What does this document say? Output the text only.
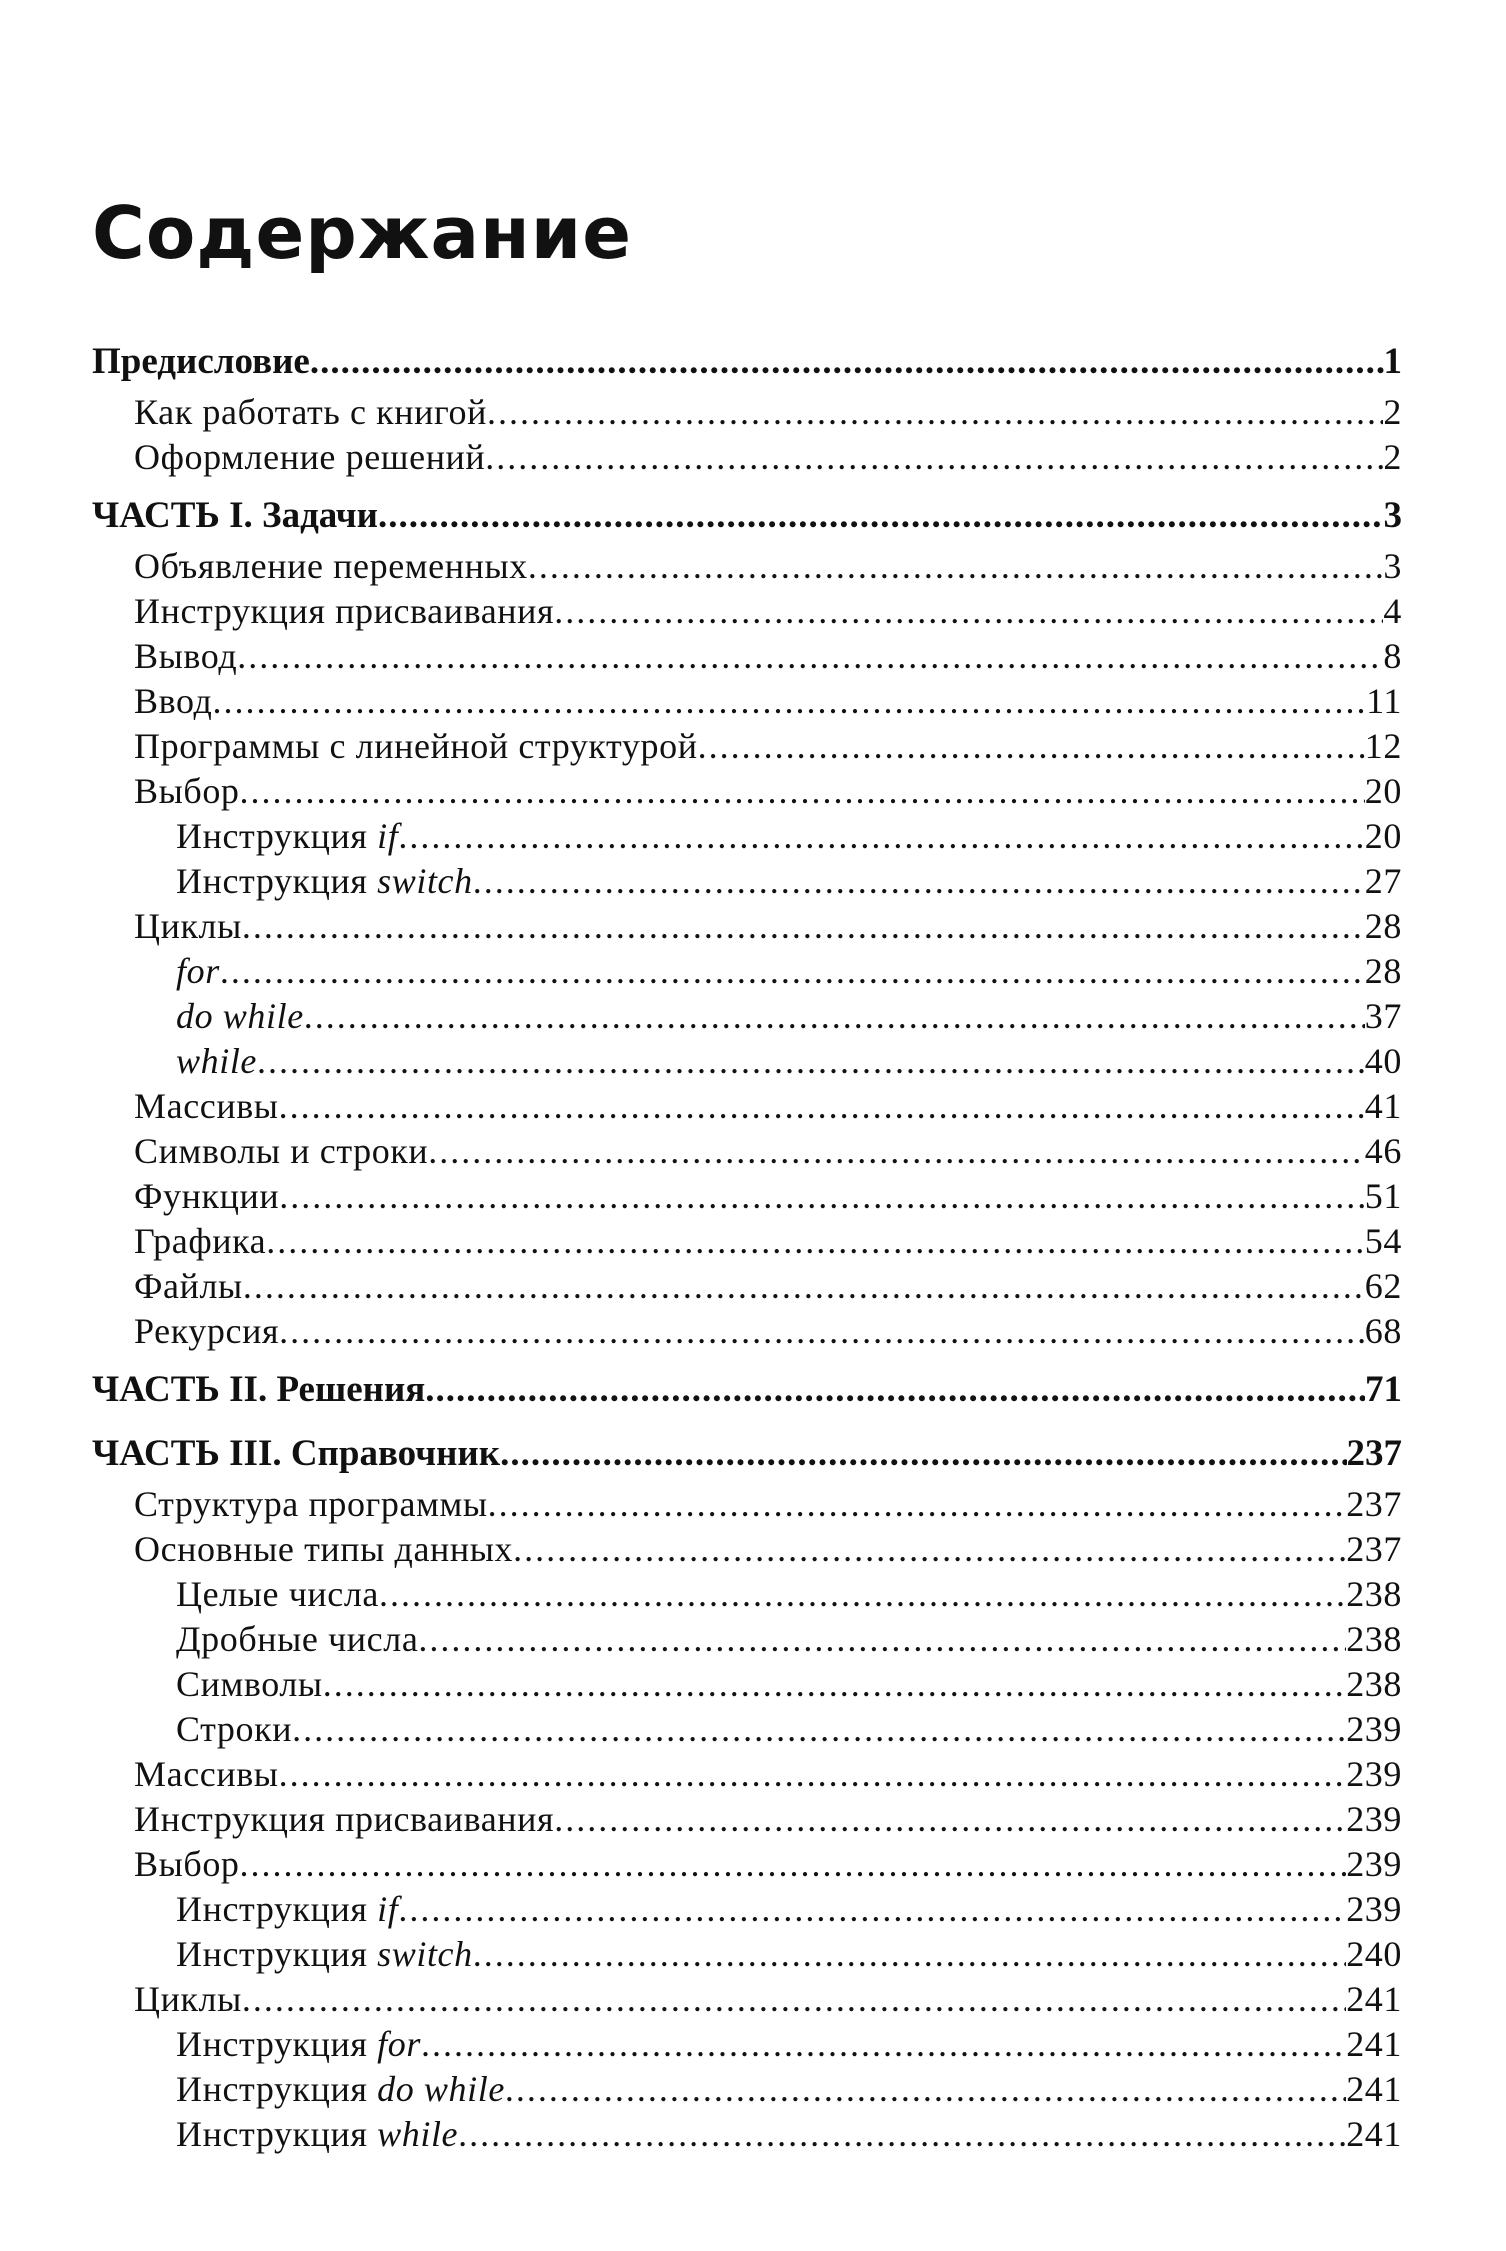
Содержание
Предисловие .....	1
Как работать с книгой .....	2
Оформление решений .....	2
ЧАСТЬ I. Задачи .....	3
Объявление переменных .....	3
Инструкция присваивания .....	4
Вывод .....	8
Ввод .....	11
Программы с линейной структурой .....	12
Выбор .....	20
Инструкция if .....	20
Инструкция switch .....	27
Циклы .....	28
for .....	28
do while .....	37
while .....	40
Массивы .....	41
Символы и строки .....	46
Функции .....	51
Графика .....	54
Файлы .....	62
Рекурсия .....	68
ЧАСТЬ II. Решения .....	71
ЧАСТЬ III. Справочник .....	237
Структура программы .....	237
Основные типы данных .....	237
Целые числа .....	238
Дробные числа .....	238
Символы .....	238
Строки .....	239
Массивы .....	239
Инструкция присваивания .....	239
Выбор .....	239
Инструкция if .....	239
Инструкция switch .....	240
Циклы .....	241
Инструкция for .....	241
Инструкция do while .....	241
Инструкция while .....	241
